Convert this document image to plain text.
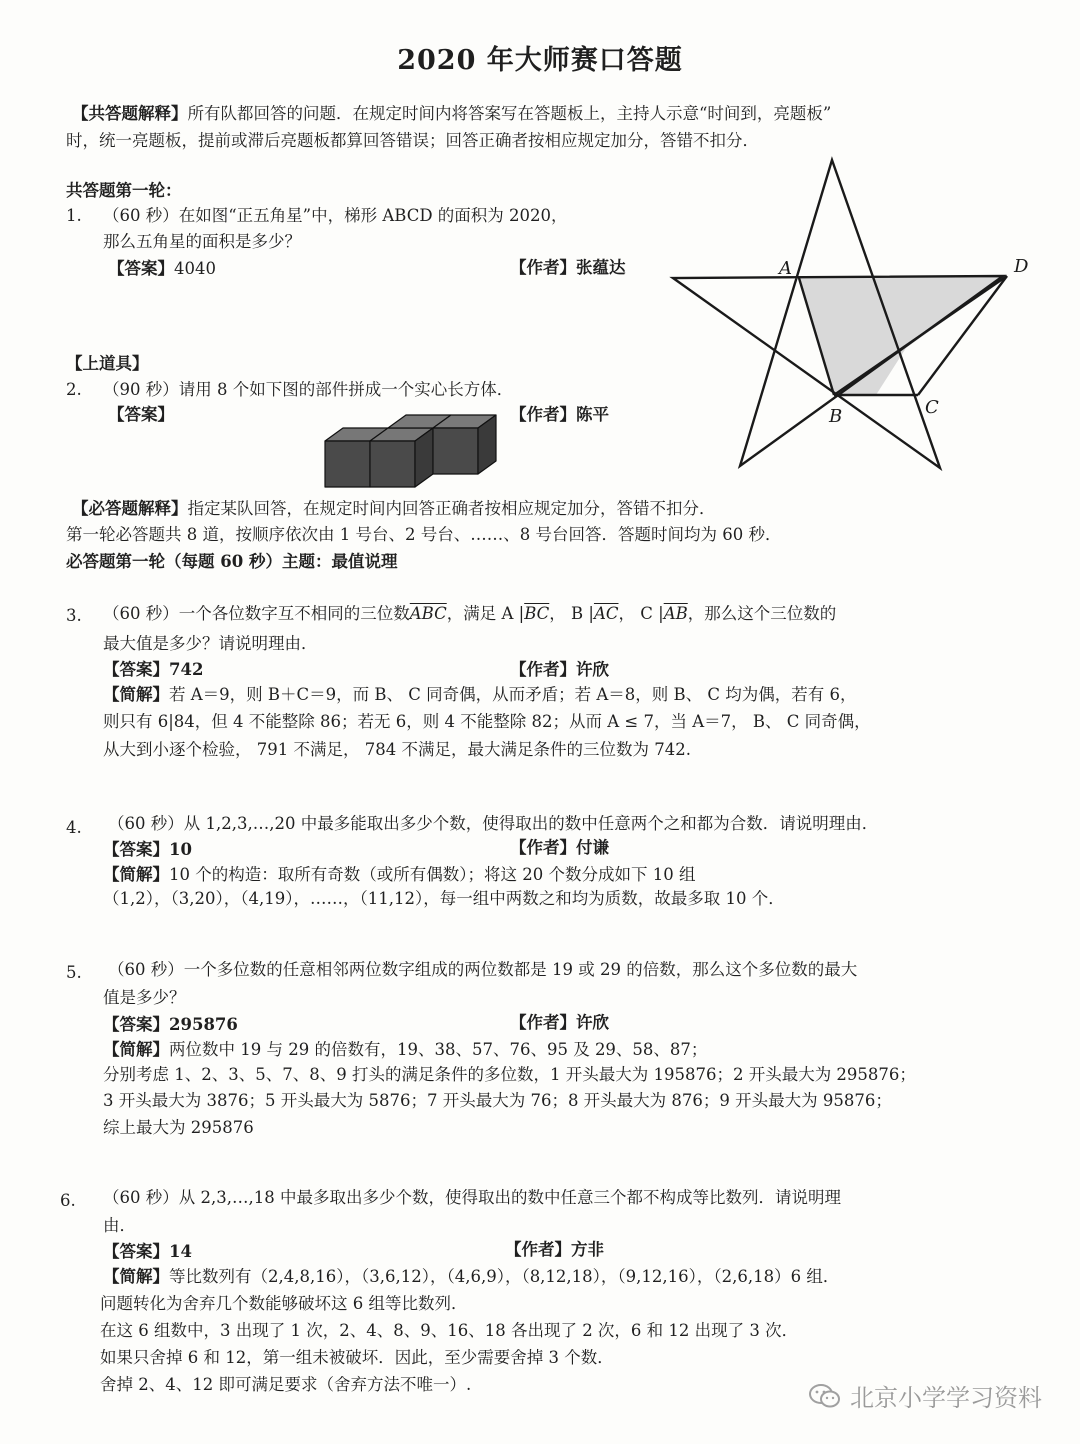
2020 年大师赛口答题
【共答题解释】所有队都回答的问题．在规定时间内将答案写在答题板上，主持人示意“时间到，亮题板”
时，统一亮题板，提前或滞后亮题板都算回答错误；回答正确者按相应规定加分，答错不扣分．
共答题第一轮：
1. （60 秒）在如图“正五角星”中，梯形 ABCD 的面积为 2020，
那么五角星的面积是多少？
【答案】4040	【作者】张蕴达	A	D
B	C
【上道具】
2. （90 秒）请用 8 个如下图的部件拼成一个实心长方体．
【答案】	【作者】陈平
【必答题解释】指定某队回答，在规定时间内回答正确者按相应规定加分，答错不扣分．
第一轮必答题共 8 道，按顺序依次由 1 号台、2 号台、……、8 号台回答．答题时间均为 60 秒．
必答题第一轮（每题 60 秒）主题：最值说理
3. （60 秒）一个各位数字互不相同的三位数$\overline{ABC}$，满足 A $|\overline{BC}$， B $|\overline{AC}$， C $|\overline{AB}$，那么这个三位数的
最大值是多少？请说明理由．
【答案】742	【作者】许欣
【简解】若 A＝9，则 B＋C＝9，而 B、 C 同奇偶，从而矛盾；若 A＝8，则 B、 C 均为偶，若有 6，
则只有 6|84，但 4 不能整除 86；若无 6，则 4 不能整除 82；从而 A ≤ 7，当 A＝7， B、 C 同奇偶，
从大到小逐个检验， 791 不满足， 784 不满足，最大满足条件的三位数为 742.
4. （60 秒）从 1,2,3,…,20 中最多能取出多少个数，使得取出的数中任意两个之和都为合数．请说明理由．
【答案】10	【作者】付谦
【简解】10 个的构造：取所有奇数（或所有偶数）；将这 20 个数分成如下 10 组
（1,2），（3,20），（4,19），……，（11,12），每一组中两数之和均为质数，故最多取 10 个．
5. （60 秒）一个多位数的任意相邻两位数字组成的两位数都是 19 或 29 的倍数，那么这个多位数的最大
值是多少？
【答案】295876	【作者】许欣
【简解】两位数中 19 与 29 的倍数有，19、38、57、76、95 及 29、58、87；
分别考虑 1、2、3、5、7、8、9 打头的满足条件的多位数，1 开头最大为 195876；2 开头最大为 295876；
3 开头最大为 3876；5 开头最大为 5876；7 开头最大为 76；8 开头最大为 876；9 开头最大为 95876；
综上最大为 295876
6. （60 秒）从 2,3,…,18 中最多取出多少个数，使得取出的数中任意三个都不构成等比数列．请说明理
由．
【答案】14	【作者】方非
【简解】等比数列有（2,4,8,16），（3,6,12），（4,6,9），（8,12,18），（9,12,16），（2,6,18）6 组．
问题转化为舍弃几个数能够破坏这 6 组等比数列．
在这 6 组数中，3 出现了 1 次，2、4、8、9、16、18 各出现了 2 次，6 和 12 出现了 3 次．
如果只舍掉 6 和 12，第一组未被破坏．因此，至少需要舍掉 3 个数．
舍掉 2、4、12 即可满足要求（舍弃方法不唯一）.	北京小学学习资料
